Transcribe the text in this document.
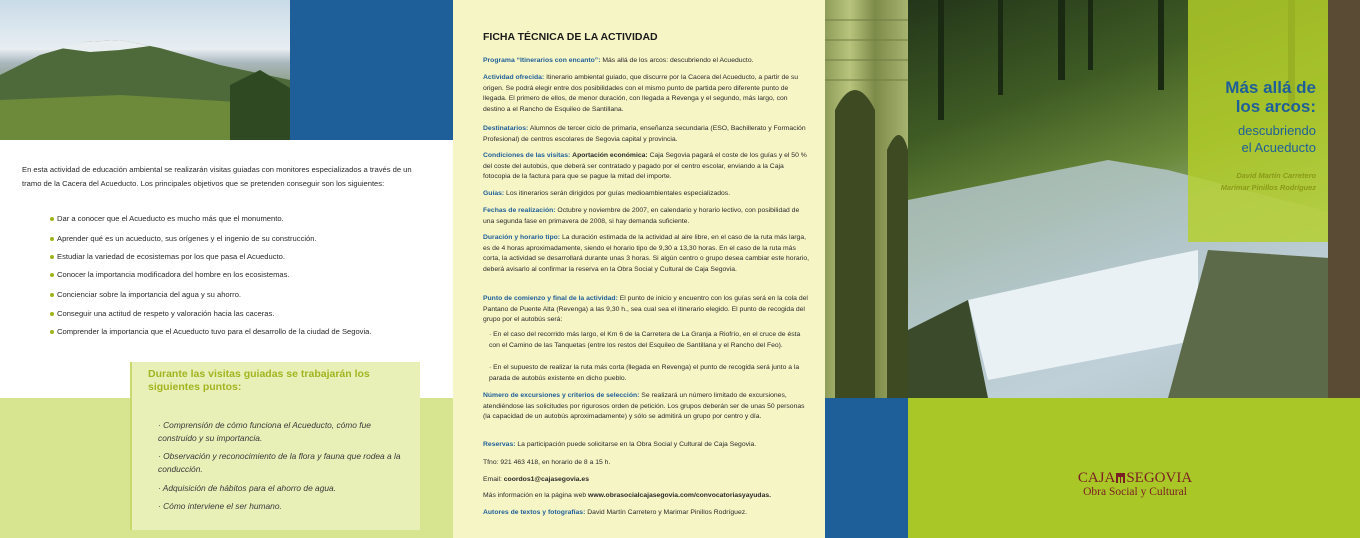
En esta actividad de educación ambiental se realizarán visitas guiadas con monitores especializados a través de un tramo de la Cacera del Acueducto. Los principales objetivos que se pretenden conseguir son los siguientes:
Dar a conocer que el Acueducto es mucho más que el monumento.
Aprender qué es un acueducto, sus orígenes y el ingenio de su construcción.
Estudiar la variedad de ecosistemas por los que pasa el Acueducto.
Conocer la importancia modificadora del hombre en los ecosistemas.
Concienciar sobre la importancia del agua y su ahorro.
Conseguir una actitud de respeto y valoración hacia las caceras.
Comprender la importancia que el Acueducto tuvo para el desarrollo de la ciudad de Segovia.
Durante las visitas guiadas se trabajarán los siguientes puntos:
· Comprensión de cómo funciona el Acueducto, cómo fue construido y su importancia.
· Observación y reconocimiento de la flora y fauna que rodea a la conducción.
· Adquisición de hábitos para el ahorro de agua.
· Cómo interviene el ser humano.
FICHA TÉCNICA DE LA ACTIVIDAD
Programa “Itinerarios con encanto”: Más allá de los arcos: descubriendo el Acueducto.
Actividad ofrecida: Itinerario ambiental guiado, que discurre por la Cacera del Acueducto, a partir de su origen. Se podrá elegir entre dos posibilidades con el mismo punto de partida pero diferente punto de llegada. El primero de ellos, de menor duración, con llegada a Revenga y el segundo, más largo, con destino a el Rancho de Esquileo de Santillana.
Destinatarios: Alumnos de tercer ciclo de primaria, enseñanza secundaria (ESO, Bachillerato y Formación Profesional) de centros escolares de Segovia capital y provincia.
Condiciones de las visitas: Aportación económica: Caja Segovia pagará el coste de los guías y el 50 % del coste del autobús, que deberá ser contratado y pagado por el centro escolar, enviando a la Caja fotocopia de la factura para que se pague la mitad del importe.
Guías: Los itinerarios serán dirigidos por guías medioambientales especializados.
Fechas de realización: Octubre y noviembre de 2007, en calendario y horario lectivo, con posibilidad de una segunda fase en primavera de 2008, si hay demanda suficiente.
Duración y horario tipo: La duración estimada de la actividad al aire libre, en el caso de la ruta más larga, es de 4 horas aproximadamente, siendo el horario tipo de 9,30 a 13,30 horas. En el caso de la ruta más corta, la actividad se desarrollará durante unas 3 horas. Si algún centro o grupo desea cambiar este horario, deberá avisarlo al confirmar la reserva en la Obra Social y Cultural de Caja Segovia.
Punto de comienzo y final de la actividad: El punto de inicio y encuentro con los guías será en la cola del Pantano de Puente Alta (Revenga) a las 9,30 h., sea cual sea el itinerario elegido. El punto de recogida del grupo por el autobús será:
· En el caso del recorrido más largo, el Km 6 de la Carretera de La Granja a Riofrío, en el cruce de ésta con el Camino de las Tanquetas (entre los restos del Esquileo de Santillana y el Rancho del Feo).
· En el supuesto de realizar la ruta más corta (llegada en Revenga) el punto de recogida será junto a la parada de autobús existente en dicho pueblo.
Número de excursiones y criterios de selección: Se realizará un número limitado de excursiones, atendiéndose las solicitudes por rigurosos orden de petición. Los grupos deberán ser de unas 50 personas (la capacidad de un autobús aproximadamente) y sólo se admitirá un grupo por centro y día.
Reservas: La participación puede solicitarse en la Obra Social y Cultural de Caja Segovia.
Tfno: 921 463 418, en horario de 8 a 15 h.
Email: coordos1@cajasegovia.es
Más información en la página web www.obrasocialcajasegovia.com/convocatoriasyayudas.
Autores de textos y fotografías: David Martín Carretero y Marimar Pinillos Rodríguez.
Más allá de
los arcos:
descubriendo
el Acueducto
David Martín Carretero
Marimar Pinillos Rodríguez
CAJA SEGOVIA
Obra Social y Cultural
